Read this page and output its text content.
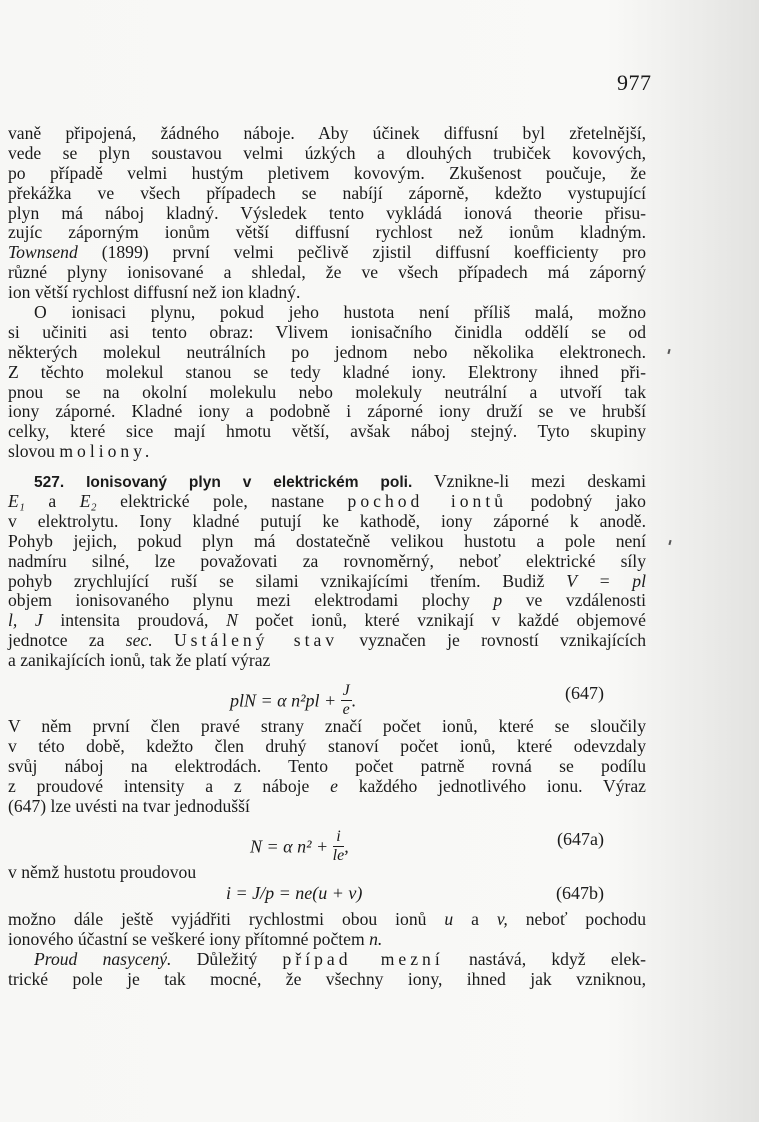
977
vaně připojená, žádného náboje. Aby účinek diffusní byl zřetelnější,
vede se plyn soustavou velmi úzkých a dlouhých trubiček kovových,
po případě velmi hustým pletivem kovovým. Zkušenost poučuje, že
překážka ve všech případech se nabíjí záporně, kdežto vystupující
plyn má náboj kladný. Výsledek tento vykládá ionová theorie přisu-
zujíc záporným ionům větší diffusní rychlost než ionům kladným.
Townsend (1899) první velmi pečlivě zjistil diffusní koefficienty pro
různé plyny ionisované a shledal, že ve všech případech má záporný
ion větší rychlost diffusní než ion kladný.
O ionisaci plynu, pokud jeho hustota není příliš malá, možno
si učiniti asi tento obraz: Vlivem ionisačního činidla oddělí se od
některých molekul neutrálních po jednom nebo několika elektronech.
Z těchto molekul stanou se tedy kladné iony. Elektrony ihned při-
pnou se na okolní molekulu nebo molekuly neutrální a utvoří tak
iony záporné. Kladné iony a podobně i záporné iony druží se ve hrubší
celky, které sice mají hmotu větší, avšak náboj stejný. Tyto skupiny
slovou moliony.
527. Ionisovaný plyn v elektrickém poli. Vznikne-li mezi deskami
E₁ a E₂ elektrické pole, nastane pochod iontů podobný jako
v elektrolytu. Iony kladné putují ke kathodě, iony záporné k anodě.
Pohyb jejich, pokud plyn má dostatečně velikou hustotu a pole není
nadmíru silné, lze považovati za rovnoměrný, neboť elektrické síly
pohyb zrychlující ruší se silami vznikajícími třením. Budiž V = pl
objem ionisovaného plynu mezi elektrodami plochy p ve vzdálenosti
l, J intensita proudová, N počet ionů, které vznikají v každé objemové
jednotce za sec. Ustálený stav vyznačen je rovností vznikajících
a zanikajících ionů, tak že platí výraz
plN = α $n^2pl + \frac{J}{e}$ .	(647)
V něm první člen pravé strany značí počet ionů, které se sloučily
v této době, kdežto člen druhý stanoví počet ionů, které odevzdaly
svůj náboj na elektrodách. Tento počet patrně rovná se podílu
z proudové intensity a z náboje e každého jednotlivého ionu. Výraz
(647) lze uvésti na tvar jednodušší
N = α $n^2 + \frac{i}{le}$ ,	(647a)
v němž hustotu proudovou
i = J/p = ne(u + v)	(647b)
možno dále ještě vyjádřiti rychlostmi obou ionů u a v, neboť pochodu
ionového účastní se veškeré iony přítomné počtem n.
Proud nasycený. Důležitý případ mezní nastává, když elek-
trické pole je tak mocné, že všechny iony, ihned jak vzniknou,
